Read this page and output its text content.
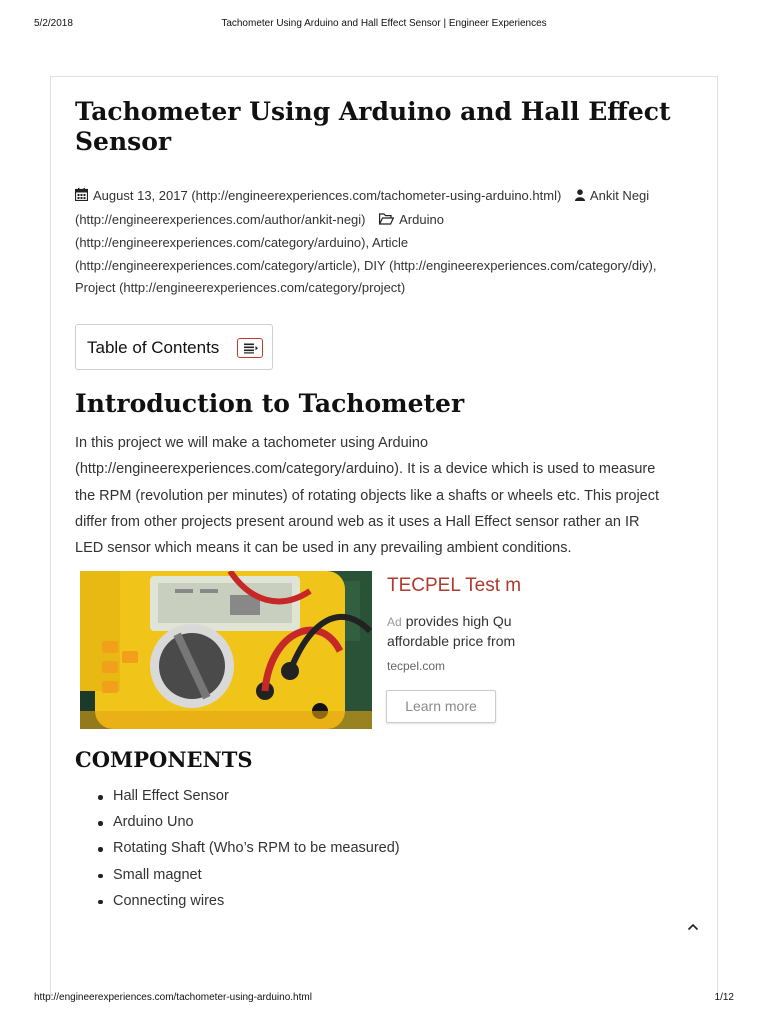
5/2/2018	Tachometer Using Arduino and Hall Effect Sensor | Engineer Experiences
Tachometer Using Arduino and Hall Effect Sensor
August 13, 2017 (http://engineerexperiences.com/tachometer-using-arduino.html) Ankit Negi (http://engineerexperiences.com/author/ankit-negi)	Arduino (http://engineerexperiences.com/category/arduino), Article (http://engineerexperiences.com/category/article), DIY (http://engineerexperiences.com/category/diy), Project (http://engineerexperiences.com/category/project)
Table of Contents
Introduction to Tachometer
In this project we will make a tachometer using Arduino
(http://engineerexperiences.com/category/arduino). It is a device which is used to measure
the RPM (revolution per minutes) of rotating objects like a shafts or wheels etc. This project
differ from other projects present around web as it uses a Hall Effect sensor rather an IR
LED sensor which means it can be used in any prevailing ambient conditions.
TECPEL Test m
Ad provides high Qu
affordable price from
tecpel.com
Learn more
COMPONENTS
Hall Effect Sensor
Arduino Uno
Rotating Shaft (Who’s RPM to be measured)
Small magnet
Connecting wires
http://engineerexperiences.com/tachometer-using-arduino.html	1/12
